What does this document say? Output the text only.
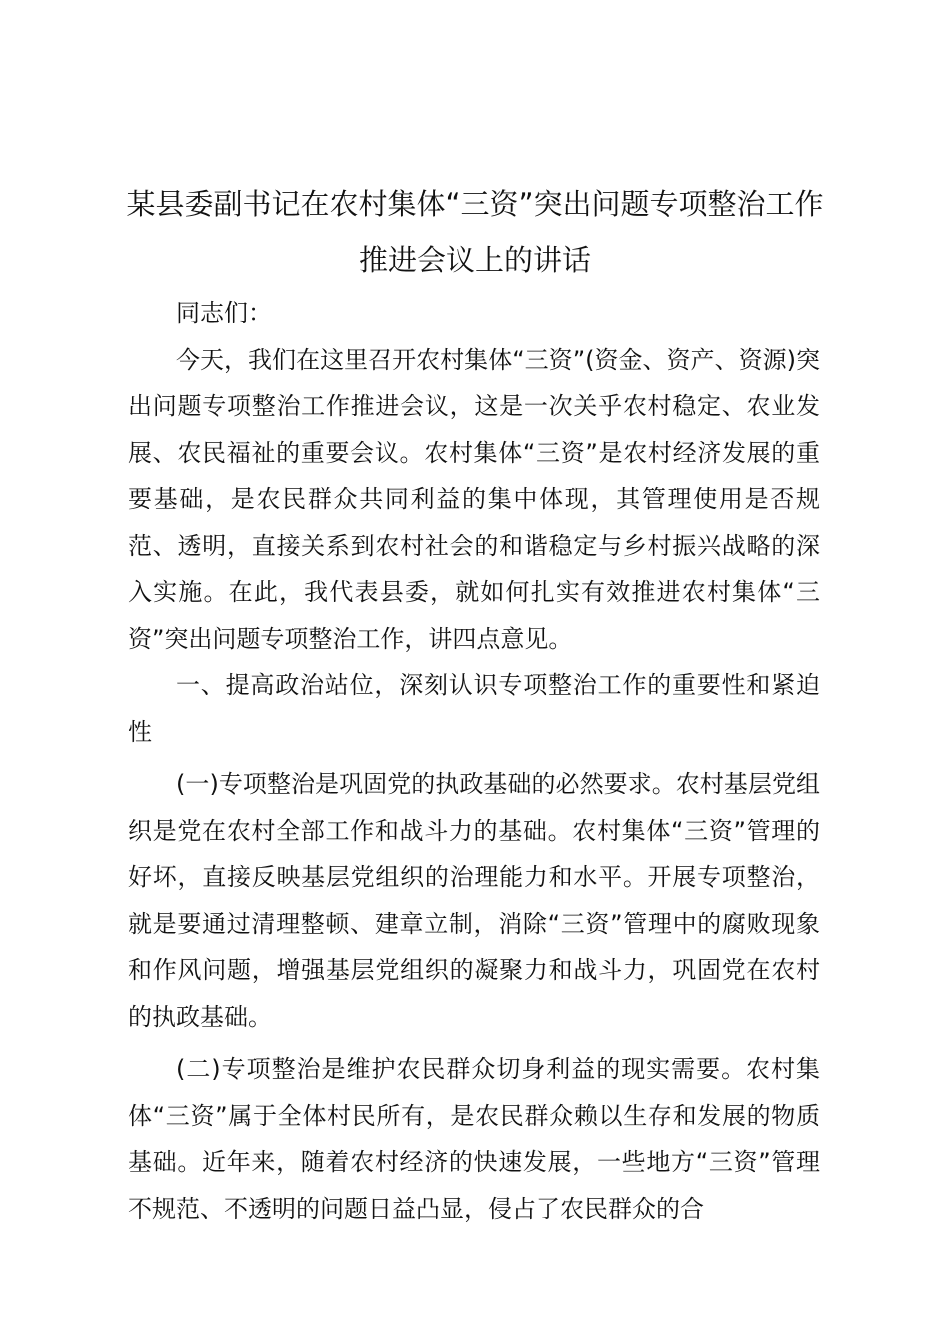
某县委副书记在农村集体“三资”突出问题专项整治工作
推进会议上的讲话

同志们：

今天，我们在这里召开农村集体“三资”(资金、资产、资源)突出问题专项整治工作推进会议，这是一次关乎农村稳定、农业发展、农民福祉的重要会议。农村集体“三资”是农村经济发展的重要基础，是农民群众共同利益的集中体现，其管理使用是否规范、透明，直接关系到农村社会的和谐稳定与乡村振兴战略的深入实施。在此，我代表县委，就如何扎实有效推进农村集体“三资”突出问题专项整治工作，讲四点意见。

一、提高政治站位，深刻认识专项整治工作的重要性和紧迫性

(一)专项整治是巩固党的执政基础的必然要求。农村基层党组织是党在农村全部工作和战斗力的基础。农村集体“三资”管理的好坏，直接反映基层党组织的治理能力和水平。开展专项整治，就是要通过清理整顿、建章立制，消除“三资”管理中的腐败现象和作风问题，增强基层党组织的凝聚力和战斗力，巩固党在农村的执政基础。

(二)专项整治是维护农民群众切身利益的现实需要。农村集体“三资”属于全体村民所有，是农民群众赖以生存和发展的物质基础。近年来，随着农村经济的快速发展，一些地方“三资”管理不规范、不透明的问题日益凸显，侵占了农民群众的合
